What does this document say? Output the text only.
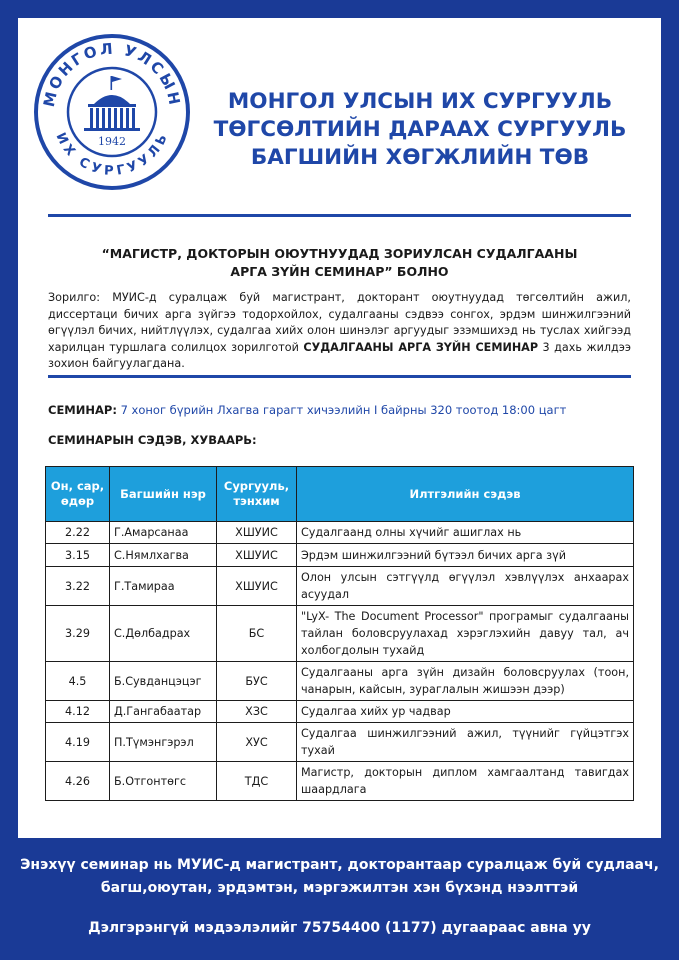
МОНГОЛ УЛСЫН
ИХ СУРГУУЛЬ
1942
МОНГОЛ УЛСЫН ИХ СУРГУУЛЬ
ТӨГСӨЛТИЙН ДАРААХ СУРГУУЛЬ
БАГШИЙН ХӨГЖЛИЙН ТӨВ
“МАГИСТР, ДОКТОРЫН ОЮУТНУУДАД ЗОРИУЛСАН СУДАЛГААНЫ
АРГА ЗҮЙН СЕМИНАР” БОЛНО
Зорилго: МУИС-д суралцаж буй магистрант, докторант оюутнуудад төгсөлтийн ажил, диссертаци бичих арга зүйгээ тодорхойлох, судалгааны сэдвээ сонгох, эрдэм шинжилгээний өгүүлэл бичих, нийтлүүлэх, судалгаа хийх олон шинэлэг аргуудыг эзэмшихэд нь туслах хийгээд харилцан туршлага солилцох зорилготой СУДАЛГААНЫ АРГА ЗҮЙН СЕМИНАР 3 дахь жилдээ зохион байгуулагдана.
СЕМИНАР: 7 хоног бүрийн Лхагва гарагт хичээлийн I байрны 320 тоотод 18:00 цагт
СЕМИНАРЫН СЭДЭВ, ХУВААРЬ:
Он, сар, өдөр	Багшийн нэр	Сургууль, тэнхим	Илтгэлийн сэдэв
2.22	Г.Амарсанаа	ХШУИС	Судалгаанд олны хүчийг ашиглах нь
3.15	С.Нямлхагва	ХШУИС	Эрдэм шинжилгээний бүтээл бичих арга зүй
3.22	Г.Тамираа	ХШУИС	Олон улсын сэтгүүлд өгүүлэл хэвлүүлэх анхаарах асуудал
3.29	С.Дөлбадрах	БС	"LyX- The Document Processor" програмыг судалгааны тайлан боловсруулахад хэрэглэхийн давуу тал, ач холбогдолын тухайд
4.5	Б.Сувданцэцэг	БУС	Судалгааны арга зүйн дизайн боловсруулах (тоон, чанарын, кайсын, зураглалын жишээн дээр)
4.12	Д.Гангабаатар	ХЗС	Судалгаа хийх ур чадвар
4.19	П.Түмэнгэрэл	ХУС	Судалгаа шинжилгээний ажил, түүнийг гүйцэтгэх тухай
4.26	Б.Отгонтөгс	ТДС	Магистр, докторын диплом хамгаалтанд тавигдах шаардлага
Энэхүү семинар нь МУИС-д магистрант, докторантаар суралцаж буй судлаач,
багш,оюутан, эрдэмтэн, мэргэжилтэн хэн бүхэнд нээлттэй
Дэлгэрэнгүй мэдээлэлийг 75754400 (1177) дугаараас авна уу
